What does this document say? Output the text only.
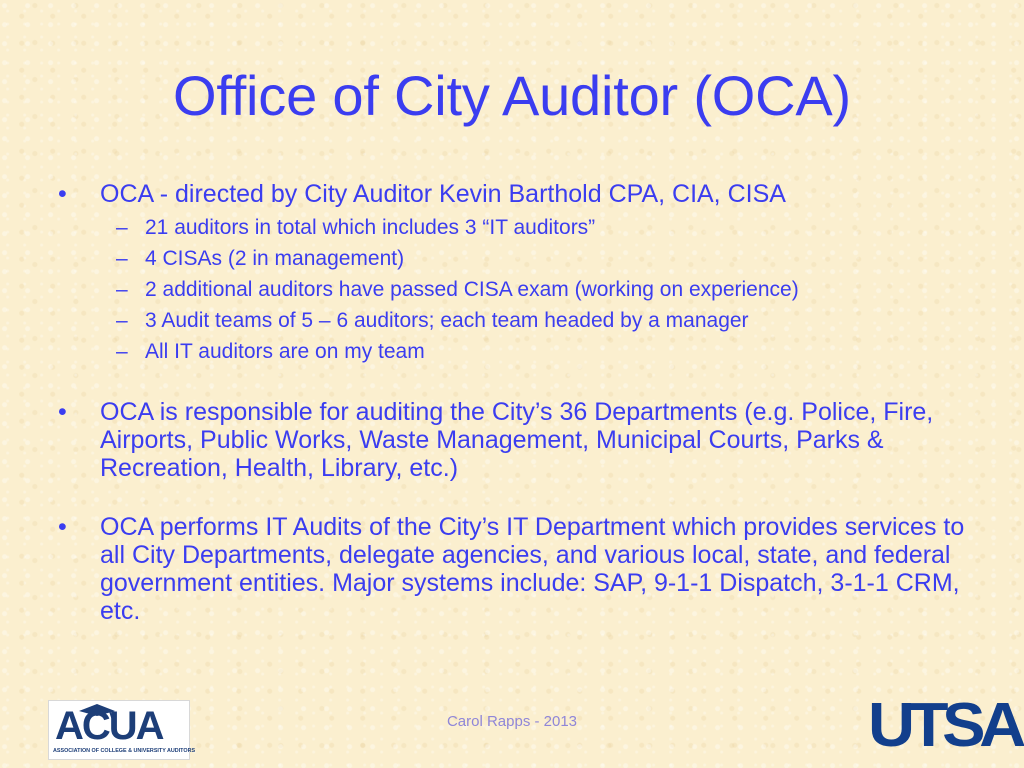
Office of City Auditor (OCA)
•	OCA - directed by City Auditor Kevin Barthold CPA, CIA, CISA
– 21 auditors in total which includes 3 “IT auditors”
– 4 CISAs (2 in management)
– 2 additional auditors have passed CISA exam (working on experience)
– 3 Audit teams of 5 – 6 auditors; each team headed by a manager
– All IT auditors are on my team
•	OCA is responsible for auditing the City’s 36 Departments (e.g. Police, Fire, Airports, Public Works, Waste Management, Municipal Courts, Parks & Recreation, Health, Library, etc.)
•	OCA performs IT Audits of the City’s IT Department which provides services to all City Departments, delegate agencies, and various local, state, and federal government entities. Major systems include: SAP, 9-1-1 Dispatch, 3-1-1 CRM, etc.
Carol Rapps - 2013
ACUA
ASSOCIATION OF COLLEGE & UNIVERSITY AUDITORS	UTSA
